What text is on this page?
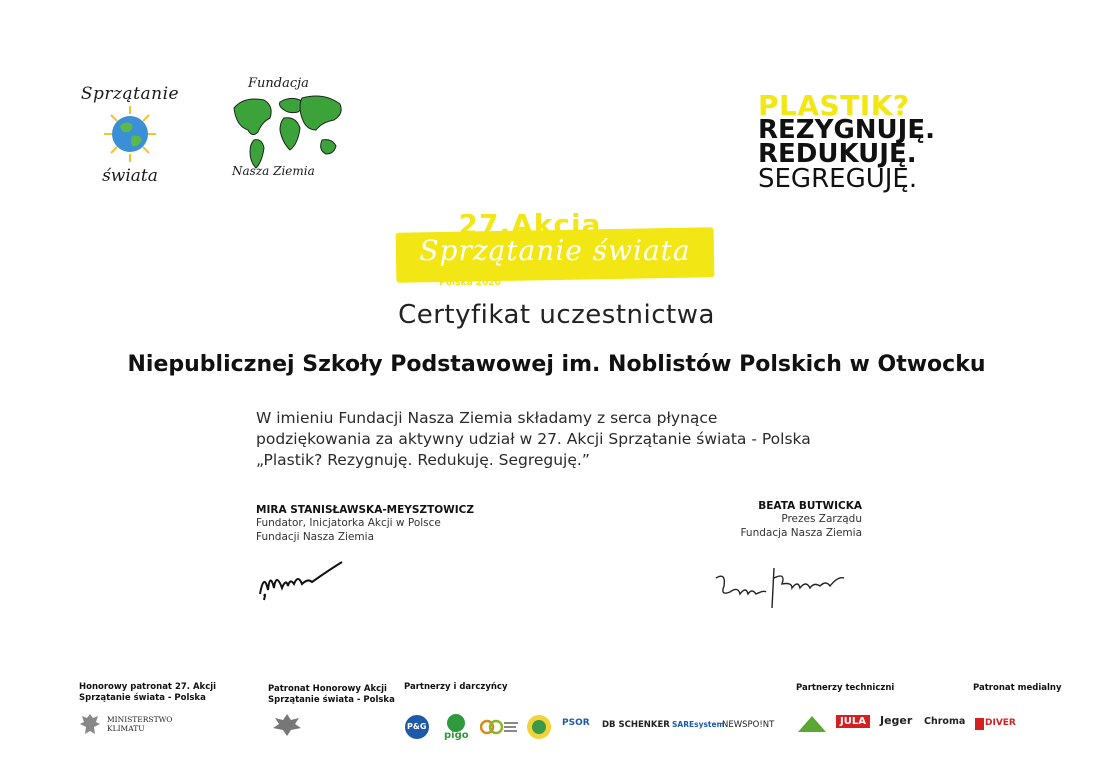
Sprzątanie
świata
Fundacja
Nasza Ziemia
PLASTIK?
REZYGNUJĘ.
REDUKUJĘ.
SEGREGUJĘ.
27.Akcja
Sprzątanie świata
Polska 2020
Certyfikat uczestnictwa
Niepublicznej Szkoły Podstawowej im. Noblistów Polskich w Otwocku

W imieniu Fundacji Nasza Ziemia składamy z serca płynące

podziękowania za aktywny udział w 27. Akcji Sprzątanie świata - Polska

„Plastik? Rezygnuję. Redukuję. Segreguję.”

MIRA STANISŁAWSKA-MEYSZTOWICZ
Fundator, Inicjatorka Akcji w Polsce
Fundacji Nasza Ziemia
BEATA BUTWICKA
Prezes Zarządu
Fundacja Nasza Ziemia
Honorowy patronat 27. Akcji Sprzątanie świata - Polska
MINISTERSTWO
KLIMATU
Patronat Honorowy Akcji Sprzątanie świata - Polska
Partnerzy i darczyńcy
P&G
pigo
PSOR DB SCHENKER SAREsystem
NEWSPO!NT
Partnerzy techniczni
JULA	Jeger Chroma
Patronat medialny
DIVER
